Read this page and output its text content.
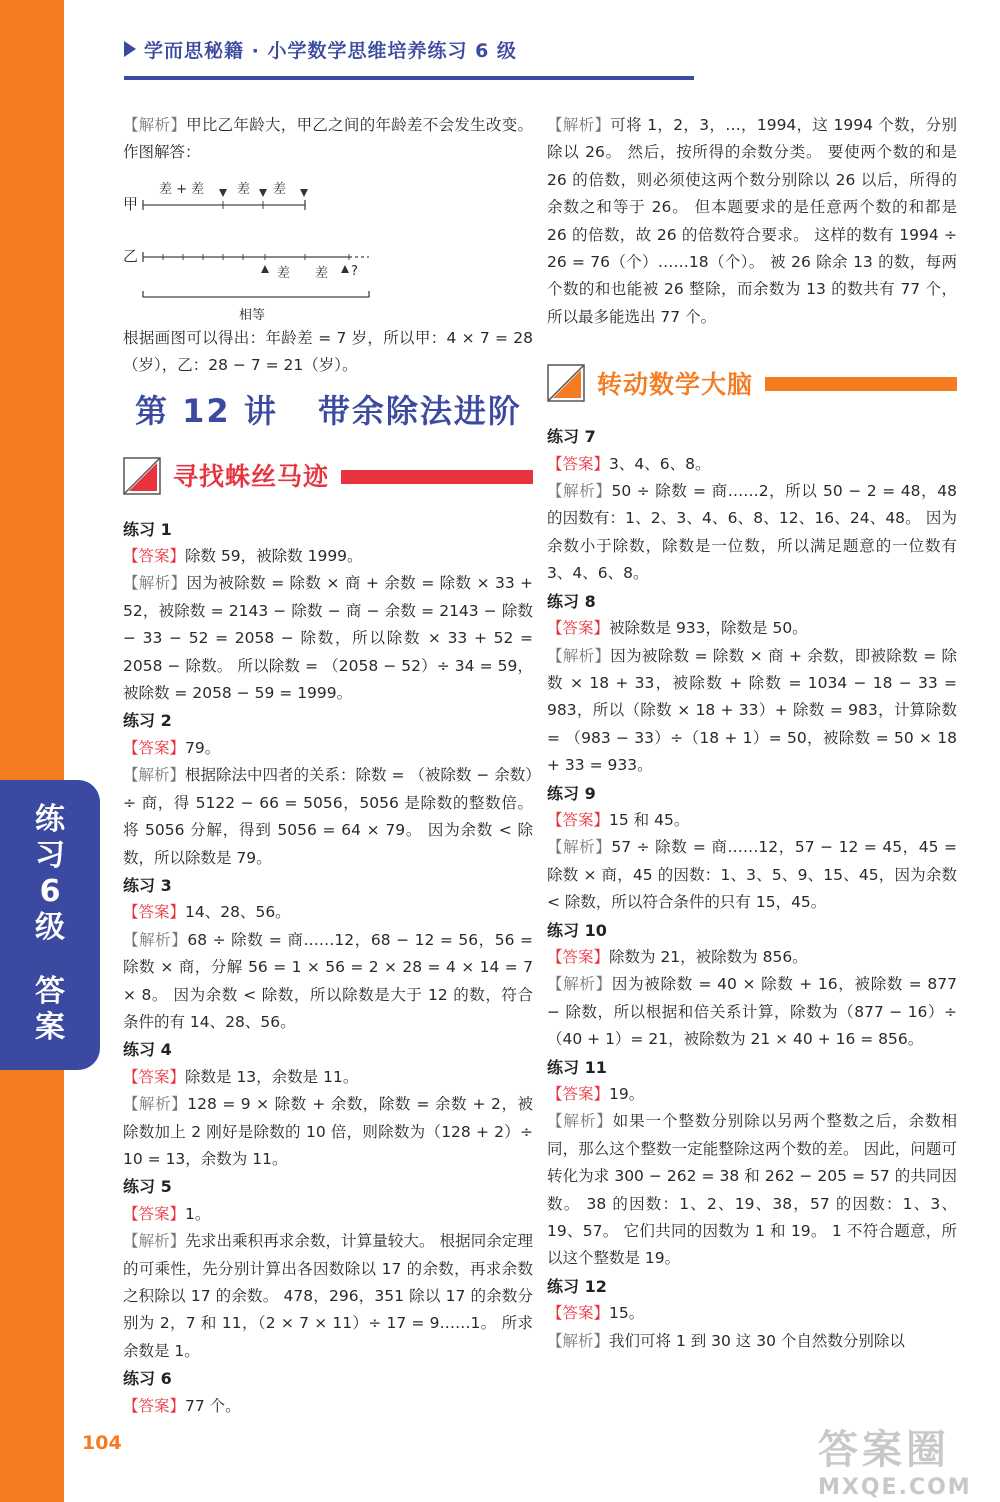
练
习
6
级
答
案
学而思秘籍 · 小学数学思维培养练习 6 级

【解析】甲比乙年龄大，甲乙之间的年龄差不会发生改变。 作图解答：

甲
差 + 差	差 差
乙
差 差 ?
相等

根据画图可以得出：年龄差 = 7 岁，所以甲：4 × 7 = 28（岁），乙：28 − 7 = 21（岁）。

第 12 讲 带余除法进阶
寻找蛛丝马迹

练习 1

【答案】除数 59，被除数 1999。

【解析】因为被除数 = 除数 × 商 + 余数 = 除数 × 33 + 52，被除数 = 2143 − 除数 − 商 − 余数 = 2143 − 除数 − 33 − 52 = 2058 − 除数，所以除数 × 33 + 52 = 2058 − 除数。 所以除数 = （2058 − 52）÷ 34 = 59，被除数 = 2058 − 59 = 1999。

练习 2

【答案】79。

【解析】根据除法中四者的关系：除数 = （被除数 − 余数）÷ 商，得 5122 − 66 = 5056，5056 是除数的整数倍。 将 5056 分解，得到 5056 = 64 × 79。 因为余数 < 除数，所以除数是 79。

练习 3

【答案】14、28、56。

【解析】68 ÷ 除数 = 商……12，68 − 12 = 56，56 = 除数 × 商，分解 56 = 1 × 56 = 2 × 28 = 4 × 14 = 7 × 8。 因为余数 < 除数，所以除数是大于 12 的数，符合条件的有 14、28、56。

练习 4

【答案】除数是 13，余数是 11。

【解析】128 = 9 × 除数 + 余数，除数 = 余数 + 2，被除数加上 2 刚好是除数的 10 倍，则除数为（128 + 2）÷ 10 = 13，余数为 11。

练习 5

【答案】1。

【解析】先求出乘积再求余数，计算量较大。 根据同余定理的可乘性，先分别计算出各因数除以 17 的余数，再求余数之积除以 17 的余数。 478，296，351 除以 17 的余数分别为 2，7 和 11，（2 × 7 × 11）÷ 17 = 9……1。 所求余数是 1。

练习 6

【答案】77 个。

【解析】可将 1，2，3，…，1994，这 1994 个数，分别除以 26。 然后，按所得的余数分类。 要使两个数的和是 26 的倍数，则必须使这两个数分别除以 26 以后，所得的余数之和等于 26。 但本题要求的是任意两个数的和都是 26 的倍数，故 26 的倍数符合要求。 这样的数有 1994 ÷ 26 = 76（个）……18（个）。 被 26 除余 13 的数，每两个数的和也能被 26 整除，而余数为 13 的数共有 77 个，所以最多能选出 77 个。

转动数学大脑

练习 7

【答案】3、4、6、8。

【解析】50 ÷ 除数 = 商……2，所以 50 − 2 = 48，48 的因数有：1、2、3、4、6、8、12、16、24、48。 因为余数小于除数，除数是一位数，所以满足题意的一位数有 3、4、6、8。

练习 8

【答案】被除数是 933，除数是 50。

【解析】因为被除数 = 除数 × 商 + 余数，即被除数 = 除数 × 18 + 33，被除数 + 除数 = 1034 − 18 − 33 = 983，所以（除数 × 18 + 33）+ 除数 = 983，计算除数 = （983 − 33）÷（18 + 1）= 50，被除数 = 50 × 18 + 33 = 933。

练习 9

【答案】15 和 45。

【解析】57 ÷ 除数 = 商……12，57 − 12 = 45，45 = 除数 × 商，45 的因数：1、3、5、9、15、45，因为余数 < 除数，所以符合条件的只有 15，45。

练习 10

【答案】除数为 21，被除数为 856。

【解析】因为被除数 = 40 × 除数 + 16，被除数 = 877 − 除数，所以根据和倍关系计算，除数为（877 − 16）÷（40 + 1）= 21，被除数为 21 × 40 + 16 = 856。

练习 11

【答案】19。

【解析】如果一个整数分别除以另两个整数之后，余数相同，那么这个整数一定能整除这两个数的差。 因此，问题可转化为求 300 − 262 = 38 和 262 − 205 = 57 的共同因数。 38 的因数：1、2、19、38，57 的因数：1、3、19、57。 它们共同的因数为 1 和 19。 1 不符合题意，所以这个整数是 19。

练习 12

【答案】15。

【解析】我们可将 1 到 30 这 30 个自然数分别除以

104	答案圈
MXQE.COM
